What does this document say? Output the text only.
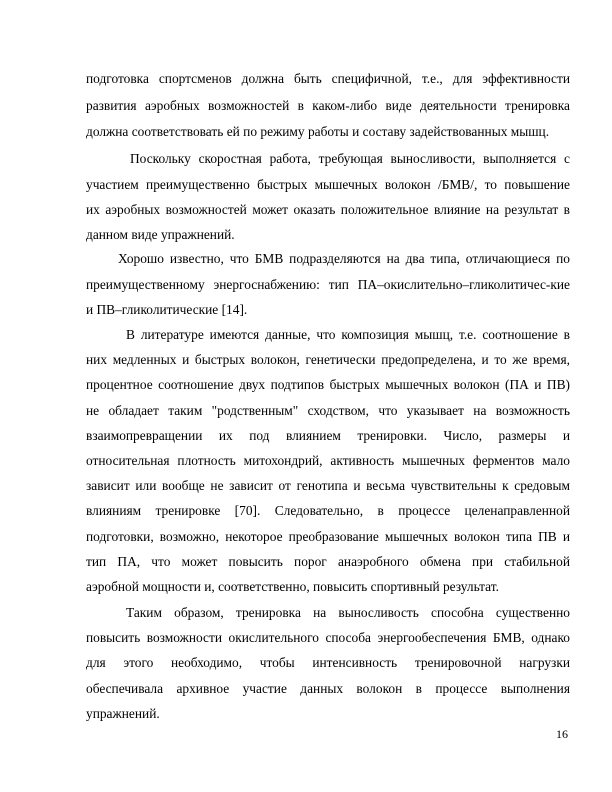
подготовка спортсменов должна быть специфичной, т.е., для эффективности

развития аэробных возможностей в каком-либо виде деятельности тренировка

должна соответствовать ей по режиму работы и составу задействованных мышц.

Поскольку скоростная работа, требующая выносливости, выполняется с

участием преимущественно быстрых мышечных волокон /БМВ/, то повышение

их аэробных возможностей может оказать положительное влияние на результат в

данном виде упражнений.

Хорошо известно, что БМВ подразделяются на два типа, отличающиеся по

преимущественному энергоснабжению: тип ПА–окислительно–гликолитичес-кие

и ПВ–гликолитические [14].

В литературе имеются данные, что композиция мышц, т.е. соотношение в

них медленных и быстрых волокон, генетически предопределена, и то же время,

процентное соотношение двух подтипов быстрых мышечных волокон (ПА и ПВ)

не обладает таким "родственным" сходством, что указывает на возможность

взаимопревращении их под влиянием тренировки. Число, размеры и

относительная плотность митохондрий, активность мышечных ферментов мало

зависит или вообще не зависит от генотипа и весьма чувствительны к средовым

влияниям тренировке [70]. Следовательно, в процессе целенаправленной

подготовки, возможно, некоторое преобразование мышечных волокон типа ПВ и

тип ПА, что может повысить порог анаэробного обмена при стабильной

аэробной мощности и, соответственно, повысить спортивный результат.

Таким образом, тренировка на выносливость способна существенно

повысить возможности окислительного способа энергообеспечения БМВ, однако

для этого необходимо, чтобы интенсивность тренировочной нагрузки

обеспечивала архивное участие данных волокон в процессе выполнения

упражнений.

16
